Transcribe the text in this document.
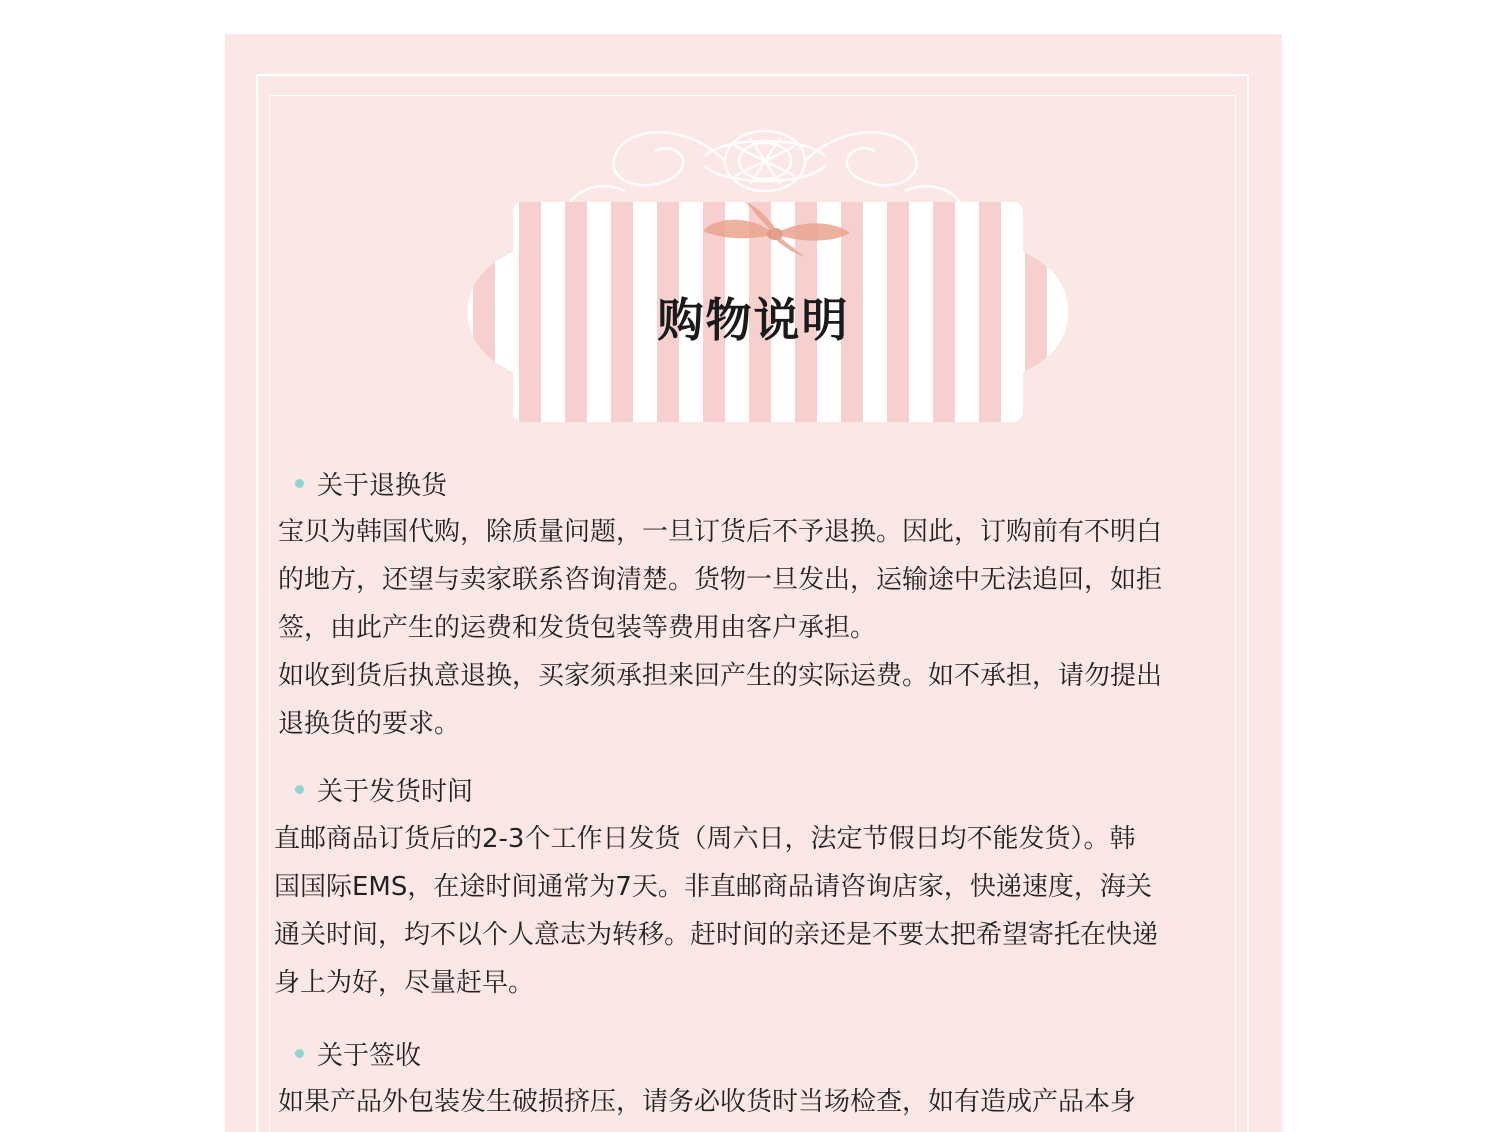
购物说明
关于退换货
宝贝为韩国代购，除质量问题，一旦订货后不予退换。因此，订购前有不明白
的地方，还望与卖家联系咨询清楚。货物一旦发出，运输途中无法追回，如拒
签，由此产生的运费和发货包装等费用由客户承担。
如收到货后执意退换，买家须承担来回产生的实际运费。如不承担，请勿提出
退换货的要求。
关于发货时间
直邮商品订货后的2-3个工作日发货（周六日，法定节假日均不能发货）。韩
国国际EMS，在途时间通常为7天。非直邮商品请咨询店家，快递速度，海关
通关时间，均不以个人意志为转移。赶时间的亲还是不要太把希望寄托在快递
身上为好，尽量赶早。
关于签收
如果产品外包装发生破损挤压，请务必收货时当场检查，如有造成产品本身
